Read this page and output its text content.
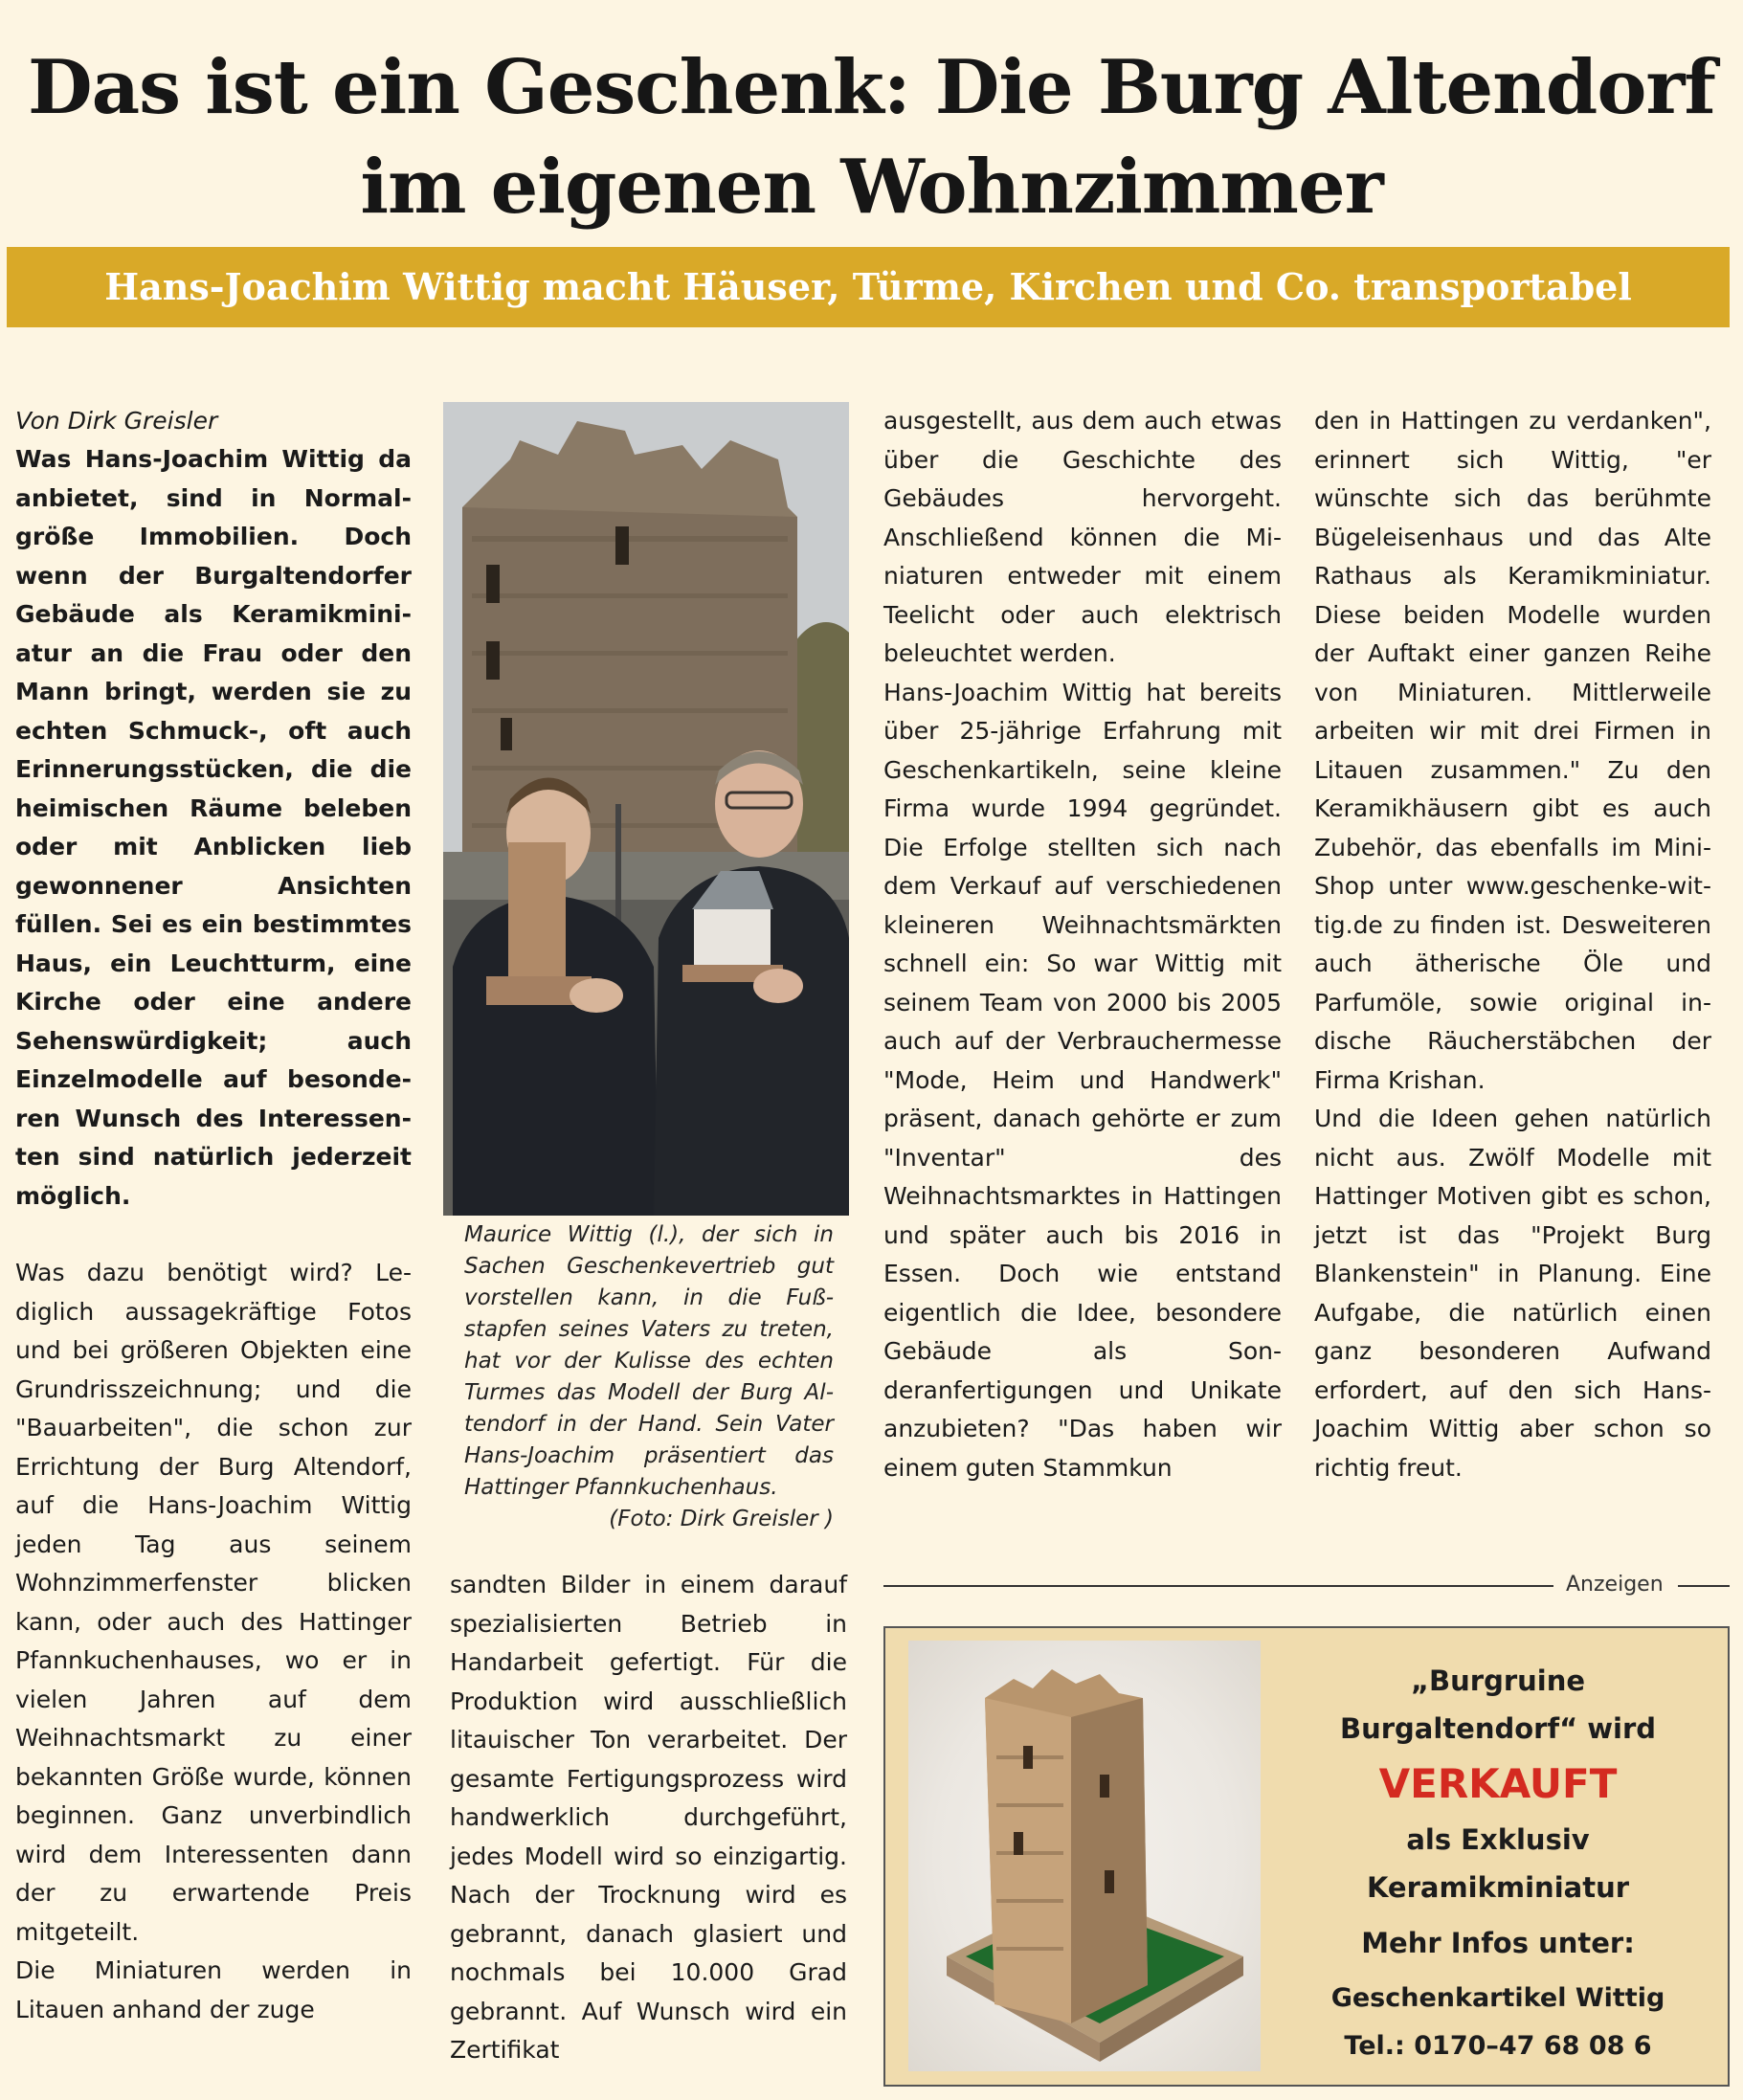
Das ist ein Geschenk: Die Burg Altendorf
im eigenen Wohnzimmer
Hans-Joachim Wittig macht Häuser, Türme, Kirchen und Co. transportabel

Von Dirk Greisler

Was Hans-Joachim Wittig da anbietet, sind in Normalgröße Immobilien. Doch wenn der Burgaltendorfer Gebäude als Keramikminiatur an die Frau oder den Mann bringt, werden sie zu echten Schmuck-, oft auch Erinnerungsstücken, die die heimischen Räume beleben oder mit Anblicken lieb gewonnener Ansichten füllen. Sei es ein bestimmtes Haus, ein Leuchtturm, eine Kirche oder eine andere Sehenswürdigkeit; auch Einzelmodelle auf besonderen Wunsch des Interessenten sind natürlich jederzeit möglich.

Was dazu benötigt wird? Lediglich aussagekräftige Fotos und bei größeren Objekten eine Grundrisszeichnung; und die "Bauarbeiten", die schon zur Errichtung der Burg Altendorf, auf die Hans-Joachim Wittig jeden Tag aus seinem Wohnzimmerfenster blicken kann, oder auch des Hattinger Pfannkuchenhauses, wo er in vielen Jahren auf dem Weihnachtsmarkt zu einer bekannten Größe wurde, können beginnen. Ganz unverbindlich wird dem Interessenten dann der zu erwartende Preis mitgeteilt.

Die Miniaturen werden in Litauen anhand der zuge

Maurice Wittig (l.), der sich in Sachen Geschenkevertrieb gut vorstellen kann, in die Fußstapfen seines Vaters zu treten, hat vor der Kulisse des echten Turmes das Modell der Burg Altendorf in der Hand. Sein Vater Hans-Joachim präsentiert das Hattinger Pfannkuchenhaus.
(Foto: Dirk Greisler )

sandten Bilder in einem darauf spezialisierten Betrieb in Handarbeit gefertigt. Für die Produktion wird ausschließlich litauischer Ton verarbeitet. Der gesamte Fertigungsprozess wird handwerklich durchgeführt, jedes Modell wird so einzigartig. Nach der Trocknung wird es gebrannt, danach glasiert und nochmals bei 10.000 Grad gebrannt. Auf Wunsch wird ein Zertifikat

ausgestellt, aus dem auch etwas über die Geschichte des Gebäudes hervorgeht. Anschließend können die Miniaturen entweder mit einem Teelicht oder auch elektrisch beleuchtet werden.

Hans-Joachim Wittig hat bereits über 25-jährige Erfahrung mit Geschenkartikeln, seine kleine Firma wurde 1994 gegründet. Die Erfolge stellten sich nach dem Verkauf auf verschiedenen kleineren Weihnachtsmärkten schnell ein: So war Wittig mit seinem Team von 2000 bis 2005 auch auf der Verbrauchermesse "Mode, Heim und Handwerk" präsent, danach gehörte er zum "Inventar" des Weihnachtsmarktes in Hattingen und später auch bis 2016 in Essen. Doch wie entstand eigentlich die Idee, besondere Gebäude als Sonderanfertigungen und Unikate anzubieten? "Das haben wir einem guten Stammkun

den in Hattingen zu verdanken", erinnert sich Wittig, "er wünschte sich das berühmte Bügeleisenhaus und das Alte Rathaus als Keramikminiatur. Diese beiden Modelle wurden der Auftakt einer ganzen Reihe von Miniaturen. Mittlerweile arbeiten wir mit drei Firmen in Litauen zusammen." Zu den Keramikhäusern gibt es auch Zubehör, das ebenfalls im Mini-Shop unter www.geschenke-wittig.de zu finden ist. Desweiteren auch ätherische Öle und Parfumöle, sowie original indische Räucherstäbchen der Firma Krishan.

Und die Ideen gehen natürlich nicht aus. Zwölf Modelle mit Hattinger Motiven gibt es schon, jetzt ist das "Projekt Burg Blankenstein" in Planung. Eine Aufgabe, die natürlich einen ganz besonderen Aufwand erfordert, auf den sich Hans-Joachim Wittig aber schon so richtig freut.

Anzeigen
„Burgruine
Burgaltendorf“ wird
VERKAUFT
als Exklusiv
Keramikminiatur
Mehr Infos unter:
Geschenkartikel Wittig
Tel.: 0170–47 68 08 6
